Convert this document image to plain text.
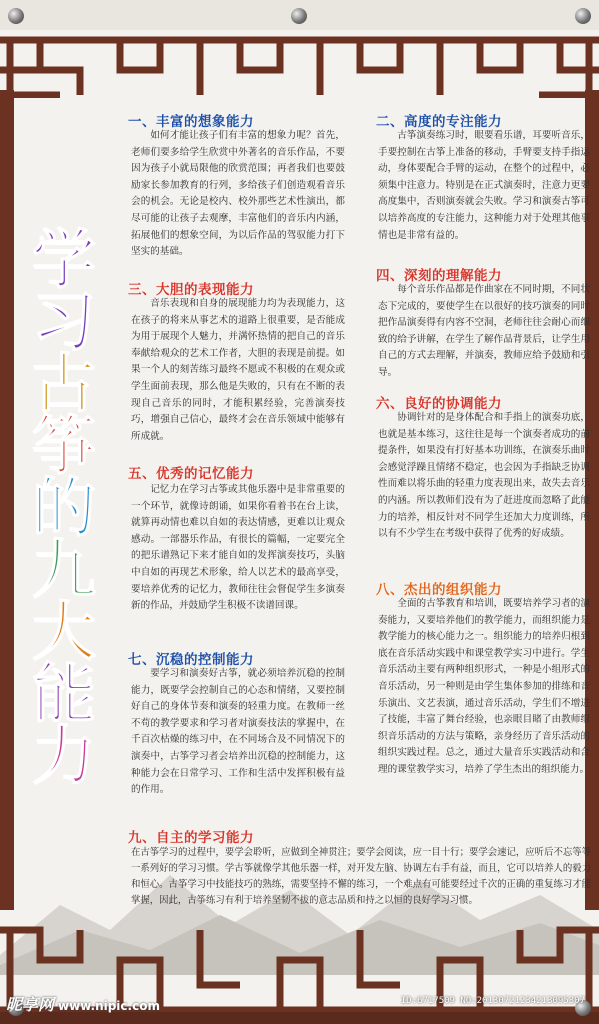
学
习
古
筝
的
九
大
能
力
一、丰富的想象能力

如何才能让孩子们有丰富的想象力呢？首先，老师们要多给学生欣赏中外著名的音乐作品，不要因为孩子小就局限他的欣赏范围；再者我们也要鼓励家长参加教育的行列，多给孩子们创造观看音乐会的机会。无论是校内、校外那些艺术性演出，都尽可能的让孩子去观摩，丰富他们的音乐内内涵，拓展他们的想象空间，为以后作品的驾驭能力打下坚实的基础。

三、大胆的表现能力

音乐表现和自身的展现能力均为表现能力，这在孩子的将来从事艺术的道路上很重要，是否能成为用于展现个人魅力，并满怀热情的把自己的音乐奉献给观众的艺术工作者，大胆的表现是前提。如果一个人的刻苦练习最终不愿或不积极的在观众或学生面前表现，那么他是失败的，只有在不断的表现自己音乐的同时，才能积累经验，完善演奏技巧，增强自己信心，最终才会在音乐领域中能够有所成就。

五、优秀的记忆能力

记忆力在学习古筝或其他乐器中是非常重要的一个环节，就像诗朗诵，如果你看着书在台上读，就算再动情也难以自如的表达情感，更难以让观众感动。一部器乐作品，有很长的篇幅，一定要完全的把乐谱熟记下来才能自如的发挥演奏技巧，头脑中自如的再现艺术形象，给人以艺术的最高享受，要培养优秀的记忆力，教师往往会督促学生多演奏新的作品，并鼓励学生积极不读谱回课。

七、沉稳的控制能力

要学习和演奏好古筝，就必须培养沉稳的控制能力，既要学会控制自己的心态和情绪，又要控制好自己的身体节奏和演奏的轻重力度。在教师一丝不苟的教学要求和学习者对演奏技法的掌握中，在千百次枯燥的练习中，在不同场合及不同情况下的演奏中，古筝学习者会培养出沉稳的控制能力，这种能力会在日常学习、工作和生活中发挥积极有益的作用。

二、高度的专注能力

古筝演奏练习时，眼要看乐谱，耳要听音乐，手要控制在古筝上准备的移动，手臂要支持手指运动，身体要配合手臂的运动，在整个的过程中，必须集中注意力。特别是在正式演奏时，注意力更要高度集中，否则演奏就会失败。学习和演奏古筝可以培养高度的专注能力，这种能力对于处理其他事情也是非常有益的。

四、深刻的理解能力

每个音乐作品都是作曲家在不同时期，不同状态下完成的，要使学生在以很好的技巧演奏的同时把作品演奏得有内容不空洞，老师往往会耐心而细致的给予讲解，在学生了解作品背景后，让学生用自己的方式去理解，并演奏，教师应给予鼓励和引导。

六、良好的协调能力

协调针对的是身体配合和手指上的演奏功底，也就是基本练习，这往往是每一个演奏者成功的前提条件，如果没有打好基本功训练，在演奏乐曲时会感觉浮躁且情绪不稳定，也会因为手指缺乏协调性而难以将乐曲的轻重力度表现出来，故失去音乐的内涵。所以教师们没有为了赶进度而忽略了此能力的培养，相反针对不同学生还加大力度训练，所以有不少学生在考级中获得了优秀的好成绩。

八、杰出的组织能力

全面的古筝教育和培训，既要培养学习者的演奏能力，又要培养他们的教学能力，而组织能力是教学能力的核心能力之一。组织能力的培养归根到底在音乐活动实践中和课堂教学实习中进行。学生音乐活动主要有两种组织形式，一种是小组形式的音乐活动，另一种则是由学生集体参加的排练和音乐演出、文艺表演，通过音乐活动，学生们不增进了技能，丰富了舞台经验，也亲眼目睹了由教师组织音乐活动的方法与策略，亲身经历了音乐活动的组织实践过程。总之，通过大量音乐实践活动和合理的课堂教学实习，培养了学生杰出的组织能力。

九、自主的学习能力

在古筝学习的过程中，要学会聆听，应做到全神贯注；要学会阅读，应一目十行；要学会速记，应听后不忘等等一系列好的学习习惯。学古筝就像学其他乐器一样，对开发左脑、协调左右手有益，而且，它可以培养人的毅力和恒心。古筝学习中技能技巧的熟练，需要坚持不懈的练习，一个难点有可能要经过千次的正确的重复练习才能掌握，因此，古筝练习有利于培养坚韧不拔的意志品质和持之以恒的良好学习习惯。

昵享网 www.nipic.com	ID:6717509 NO:20130721234213095307
